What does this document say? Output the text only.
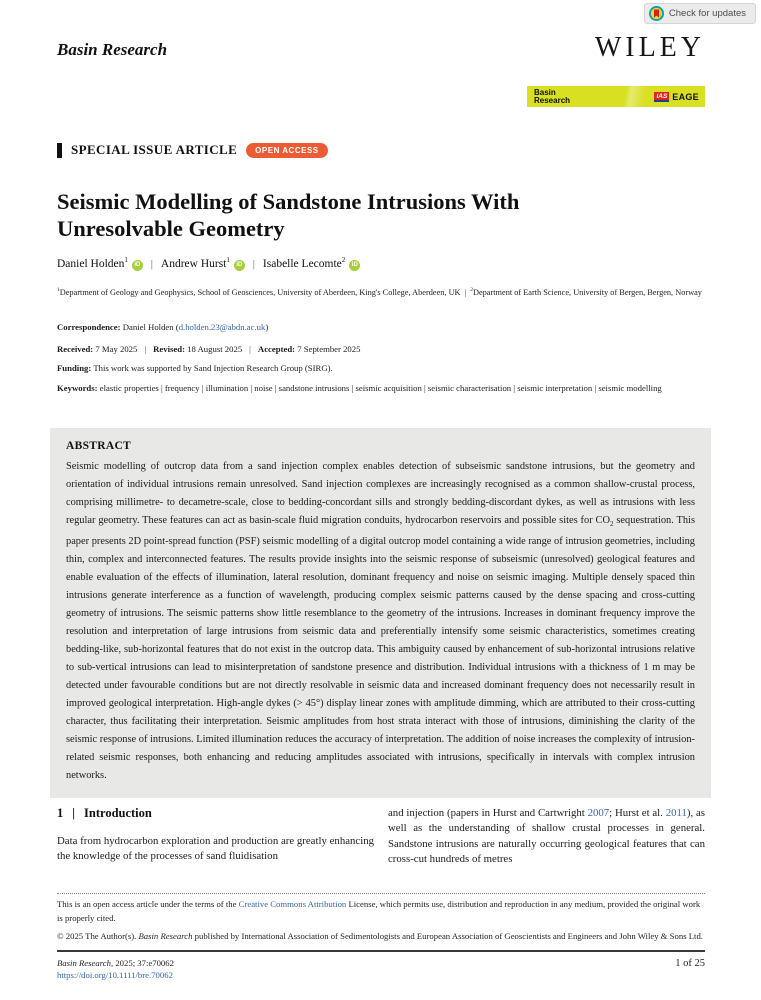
Check for updates
Basin Research	WILEY
Basin
Research	IAS EAGE
SPECIAL ISSUE ARTICLE	OPEN ACCESS
Seismic Modelling of Sandstone Intrusions With Unresolvable Geometry
Daniel Holden$^1$iD | Andrew Hurst$^1$iD | Isabelle Lecomte$^2$iD
$^1$Department of Geology and Geophysics, School of Geosciences, University of Aberdeen, King's College, Aberdeen, UK | $^2$Department of Earth Science, University of Bergen, Bergen, Norway
Correspondence: Daniel Holden (d.holden.23@abdn.ac.uk)
Received: 7 May 2025 | Revised: 18 August 2025 | Accepted: 7 September 2025
Funding: This work was supported by Sand Injection Research Group (SIRG).
Keywords: elastic properties | frequency | illumination | noise | sandstone intrusions | seismic acquisition | seismic characterisation | seismic interpretation | seismic modelling
ABSTRACT

Seismic modelling of outcrop data from a sand injection complex enables detection of subseismic sandstone intrusions, but the geometry and orientation of individual intrusions remain unresolved. Sand injection complexes are increasingly recognised as a common shallow-crustal process, comprising millimetre- to decametre-scale, close to bedding-concordant sills and strongly bedding-discordant dykes, as well as intrusions with less regular geometry. These features can act as basin-scale fluid migration conduits, hydrocarbon reservoirs and possible sites for $CO_2$ sequestration. This paper presents 2D point-spread function (PSF) seismic modelling of a digital outcrop model containing a wide range of intrusion geometries, including thin, complex and interconnected features. The results provide insights into the seismic response of subseismic (unresolved) geological features and enable evaluation of the effects of illumination, lateral resolution, dominant frequency and noise on seismic imaging. Multiple densely spaced thin intrusions generate interference as a function of wavelength, producing complex seismic patterns caused by the dense spacing and cross-cutting geometry of intrusions. The seismic patterns show little resemblance to the geometry of the intrusions. Increases in dominant frequency improve the resolution and interpretation of large intrusions from seismic data and preferentially intensify some seismic characteristics, sometimes creating bedding-like, sub-horizontal features that do not exist in the outcrop data. This ambiguity caused by enhancement of sub-horizontal intrusions relative to sub-vertical intrusions can lead to misinterpretation of sandstone presence and distribution. Individual intrusions with a thickness of 1 m may be detected under favourable conditions but are not directly resolvable in seismic data and increased dominant frequency does not necessarily result in improved geological interpretation. High-angle dykes (> 45°) display linear zones with amplitude dimming, which are attributed to their cross-cutting character, thus facilitating their interpretation. Seismic amplitudes from host strata interact with those of intrusions, diminishing the clarity of the seismic response of intrusions. Limited illumination reduces the accuracy of interpretation. The addition of noise increases the complexity of intrusion-related seismic responses, both enhancing and reducing amplitudes associated with intrusions, specifically in intervals with complex intrusion networks.

1 | Introduction

Data from hydrocarbon exploration and production are greatly enhancing the knowledge of the processes of sand fluidisation

and injection (papers in Hurst and Cartwright 2007; Hurst et al. 2011), as well as the understanding of shallow crustal processes in general. Sandstone intrusions are naturally occurring geological features that can cross-cut hundreds of metres

This is an open access article under the terms of the Creative Commons Attribution License, which permits use, distribution and reproduction in any medium, provided the original work is properly cited.

© 2025 The Author(s). Basin Research published by International Association of Sedimentologists and European Association of Geoscientists and Engineers and John Wiley & Sons Ltd.

Basin Research, 2025; 37:e70062
https://doi.org/10.1111/bre.70062
1 of 25
